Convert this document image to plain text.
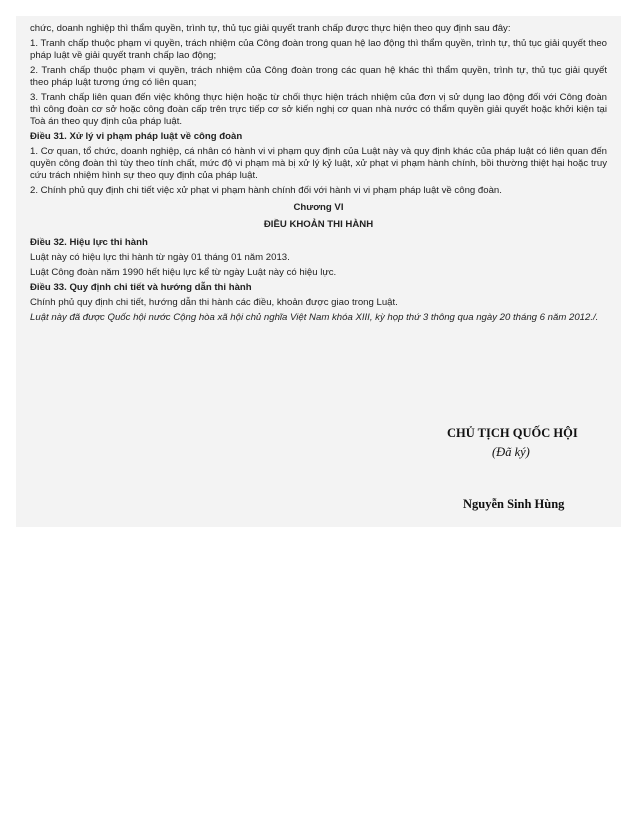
chức, doanh nghiệp thì thẩm quyền, trình tự, thủ tục giải quyết tranh chấp được thực hiện theo quy định sau đây:

1. Tranh chấp thuộc phạm vi quyền, trách nhiệm của Công đoàn trong quan hệ lao động thì thẩm quyền, trình tự, thủ tục giải quyết theo pháp luật về giải quyết tranh chấp lao động;

2. Tranh chấp thuộc phạm vi quyền, trách nhiệm của Công đoàn trong các quan hệ khác thì thẩm quyền, trình tự, thủ tục giải quyết theo pháp luật tương ứng có liên quan;

3. Tranh chấp liên quan đến việc không thực hiện hoặc từ chối thực hiện trách nhiệm của đơn vị sử dụng lao động đối với Công đoàn thì công đoàn cơ sở hoặc công đoàn cấp trên trực tiếp cơ sở kiến nghị cơ quan nhà nước có thẩm quyền giải quyết hoặc khởi kiện tại Toà án theo quy định của pháp luật.

Điều 31. Xử lý vi phạm pháp luật về công đoàn

1. Cơ quan, tổ chức, doanh nghiệp, cá nhân có hành vi vi phạm quy định của Luật này và quy định khác của pháp luật có liên quan đến quyền công đoàn thì tùy theo tính chất, mức độ vi phạm mà bị xử lý kỷ luật, xử phạt vi phạm hành chính, bồi thường thiệt hại hoặc truy cứu trách nhiệm hình sự theo quy định của pháp luật.

2. Chính phủ quy định chi tiết việc xử phạt vi phạm hành chính đối với hành vi vi phạm pháp luật về công đoàn.

Chương VI

ĐIỀU KHOẢN THI HÀNH

Điều 32. Hiệu lực thi hành

Luật này có hiệu lực thi hành từ ngày 01 tháng 01 năm 2013.

Luật Công đoàn năm 1990 hết hiệu lực kể từ ngày Luật này có hiệu lực.

Điều 33. Quy định chi tiết và hướng dẫn thi hành

Chính phủ quy định chi tiết, hướng dẫn thi hành các điều, khoản được giao trong Luật.

Luật này đã được Quốc hội nước Cộng hòa xã hội chủ nghĩa Việt Nam khóa XIII, kỳ họp thứ 3 thông qua ngày 20 tháng 6 năm 2012./.

CHỦ TỊCH QUỐC HỘI
(Đã ký)
Nguyễn Sinh Hùng
